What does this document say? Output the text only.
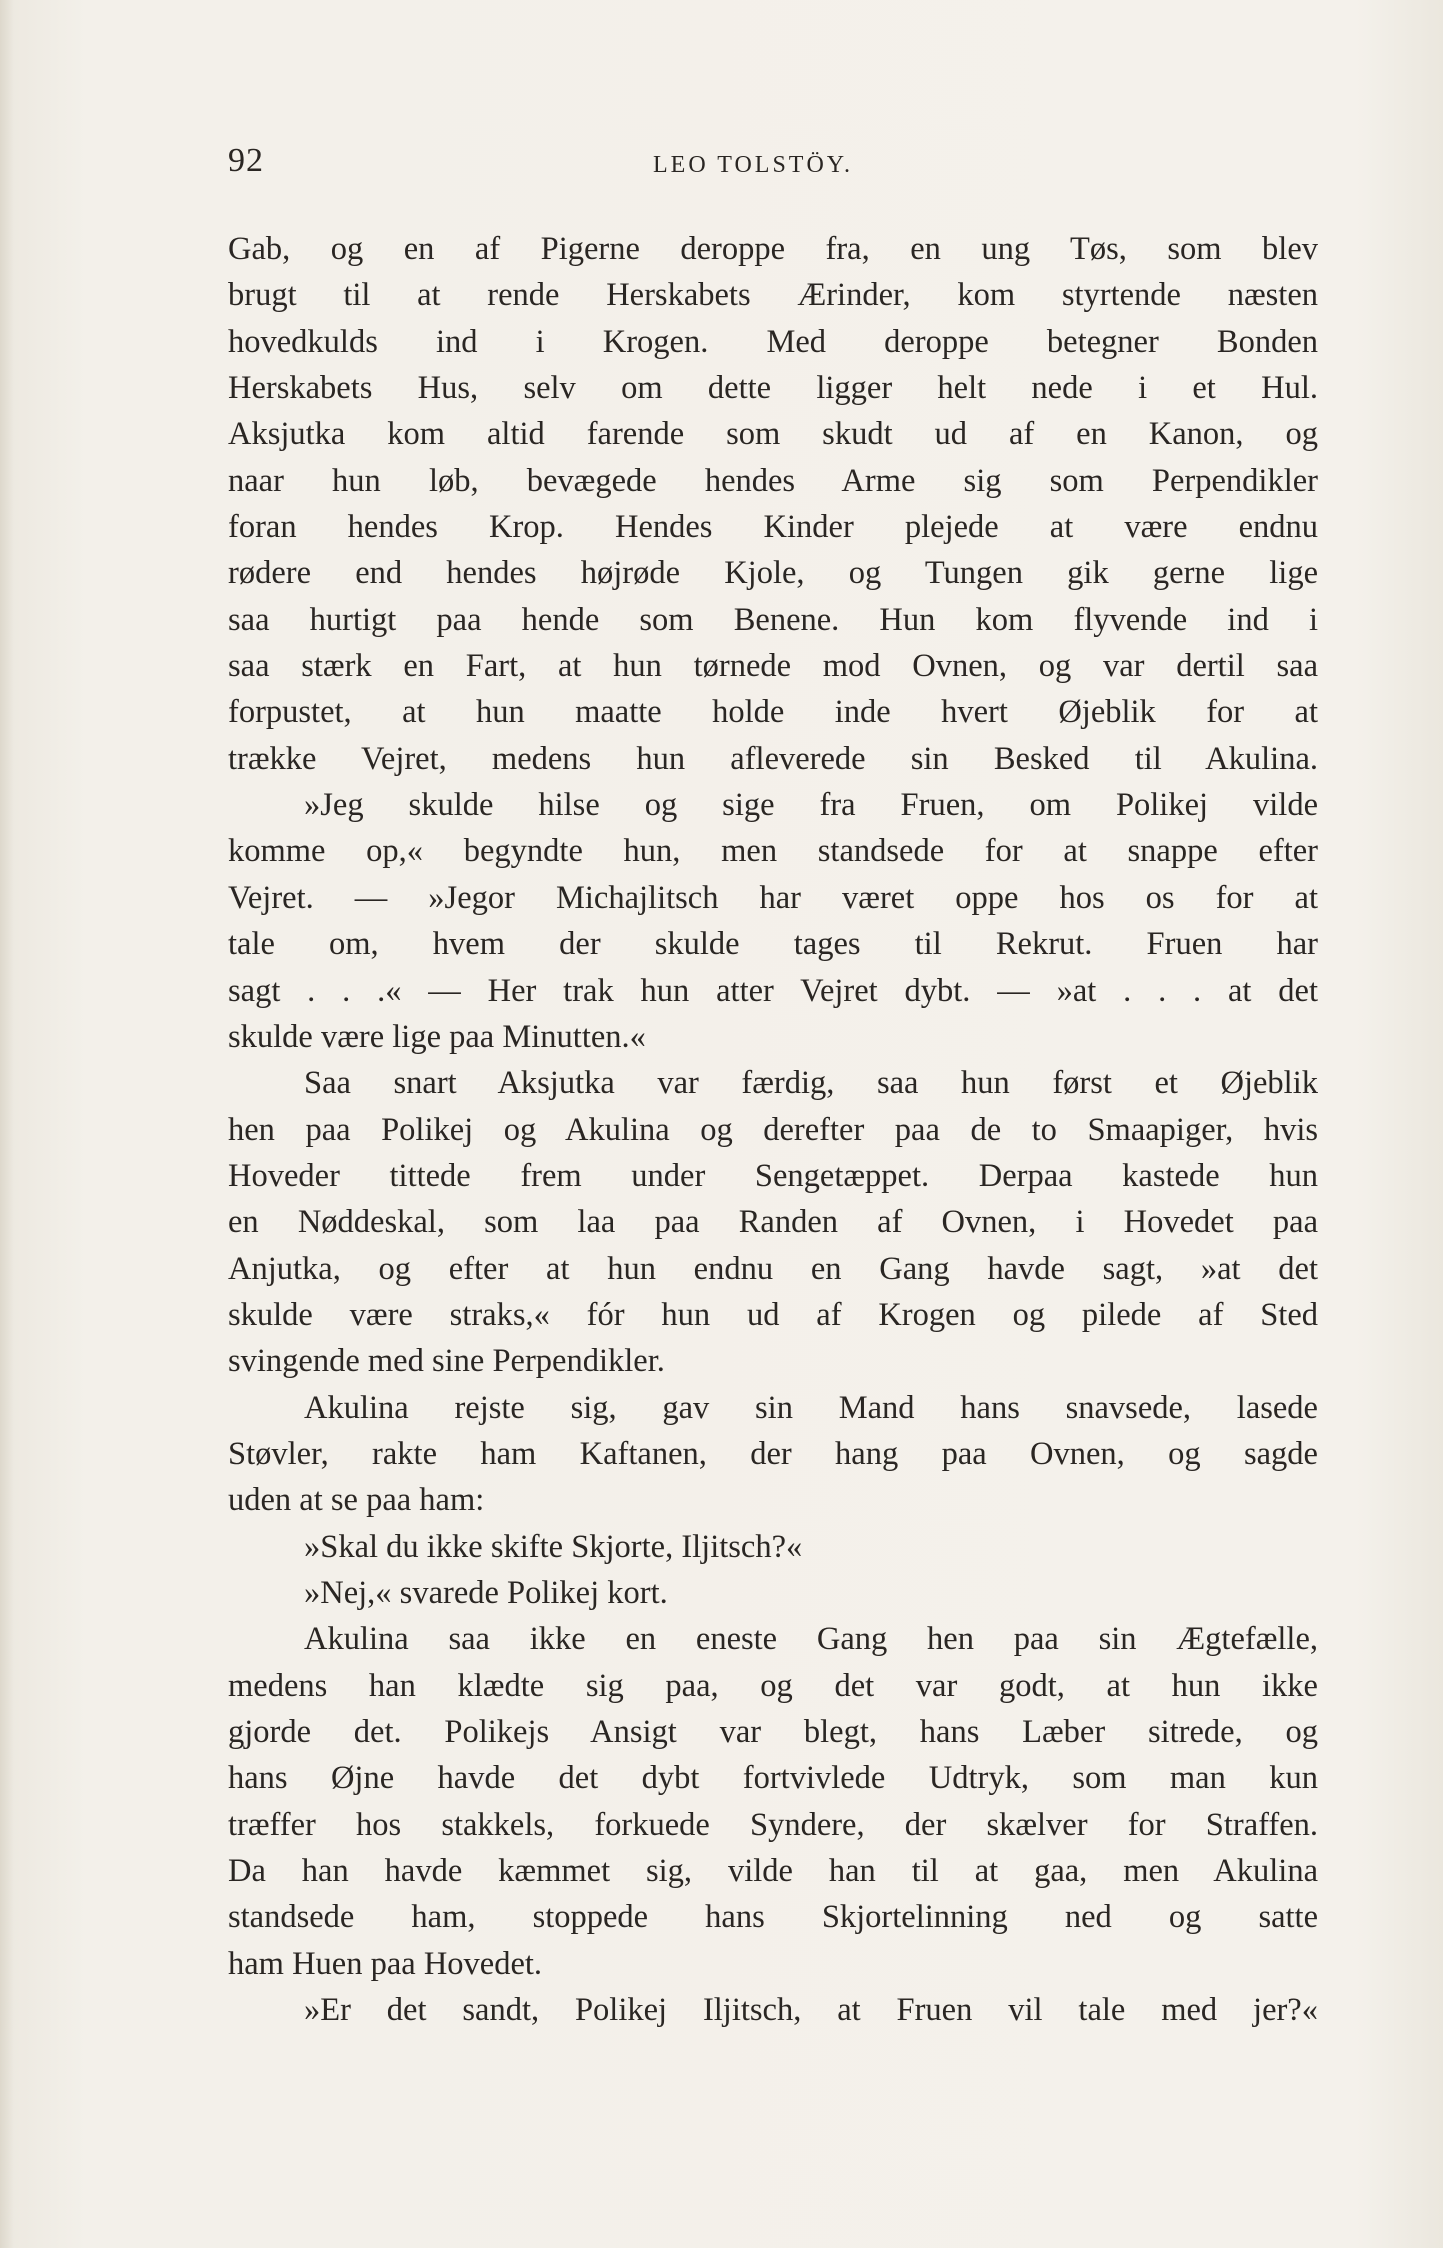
92	LEO TOLSTÖY.
Gab, og en af Pigerne deroppe fra, en ung Tøs, som blev
brugt til at rende Herskabets Ærinder, kom styrtende næsten
hovedkulds ind i Krogen. Med deroppe betegner Bonden
Herskabets Hus, selv om dette ligger helt nede i et Hul.
Aksjutka kom altid farende som skudt ud af en Kanon, og
naar hun løb, bevægede hendes Arme sig som Perpendikler
foran hendes Krop. Hendes Kinder plejede at være endnu
rødere end hendes højrøde Kjole, og Tungen gik gerne lige
saa hurtigt paa hende som Benene. Hun kom flyvende ind i
saa stærk en Fart, at hun tørnede mod Ovnen, og var dertil saa
forpustet, at hun maatte holde inde hvert Øjeblik for at
trække Vejret, medens hun afleverede sin Besked til Akulina.
»Jeg skulde hilse og sige fra Fruen, om Polikej vilde
komme op,« begyndte hun, men standsede for at snappe efter
Vejret. — »Jegor Michajlitsch har været oppe hos os for at
tale om, hvem der skulde tages til Rekrut. Fruen har
sagt . . .« — Her trak hun atter Vejret dybt. — »at . . . at det
skulde være lige paa Minutten.«
Saa snart Aksjutka var færdig, saa hun først et Øjeblik
hen paa Polikej og Akulina og derefter paa de to Smaapiger, hvis
Hoveder tittede frem under Sengetæppet. Derpaa kastede hun
en Nøddeskal, som laa paa Randen af Ovnen, i Hovedet paa
Anjutka, og efter at hun endnu en Gang havde sagt, »at det
skulde være straks,« fór hun ud af Krogen og pilede af Sted
svingende med sine Perpendikler.
Akulina rejste sig, gav sin Mand hans snavsede, lasede
Støvler, rakte ham Kaftanen, der hang paa Ovnen, og sagde
uden at se paa ham:
»Skal du ikke skifte Skjorte, Iljitsch?«
»Nej,« svarede Polikej kort.
Akulina saa ikke en eneste Gang hen paa sin Ægtefælle,
medens han klædte sig paa, og det var godt, at hun ikke
gjorde det. Polikejs Ansigt var blegt, hans Læber sitrede, og
hans Øjne havde det dybt fortvivlede Udtryk, som man kun
træffer hos stakkels, forkuede Syndere, der skælver for Straffen.
Da han havde kæmmet sig, vilde han til at gaa, men Akulina
standsede ham, stoppede hans Skjortelinning ned og satte
ham Huen paa Hovedet.
»Er det sandt, Polikej Iljitsch, at Fruen vil tale med jer?«
